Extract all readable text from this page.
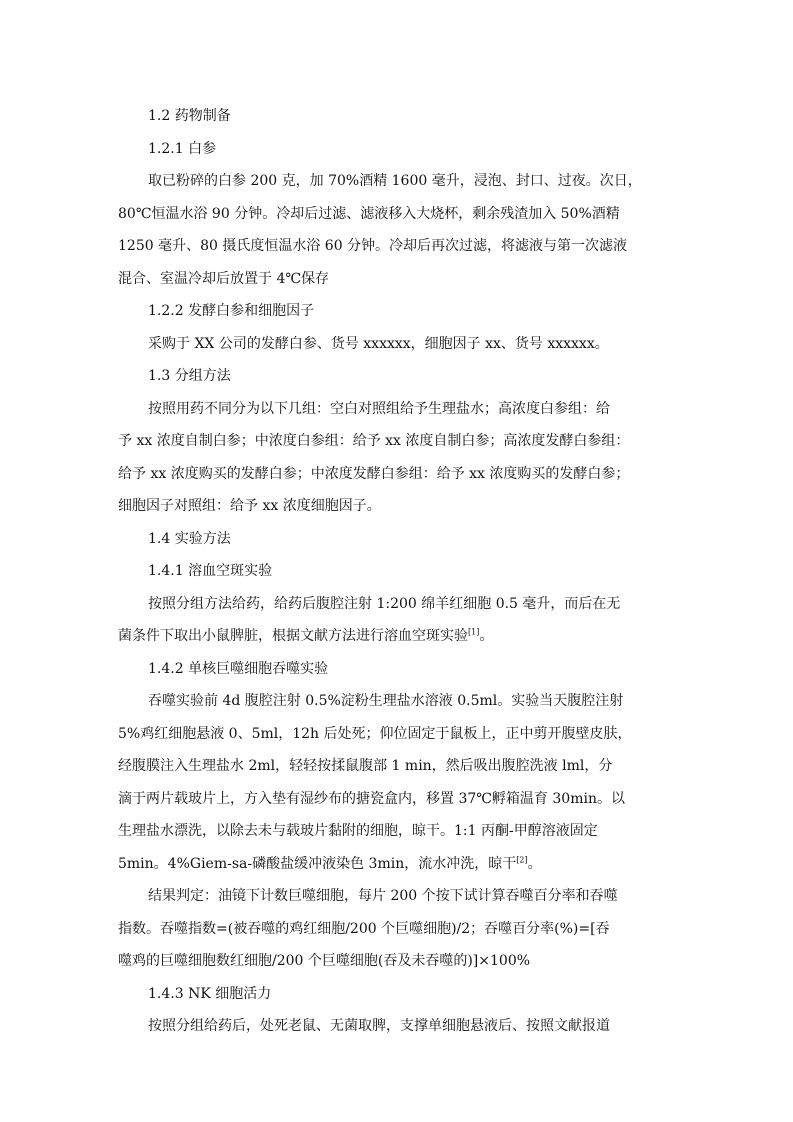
1.2 药物制备
1.2.1 白参
取已粉碎的白参 200 克，加 70%酒精 1600 毫升，浸泡、封口、过夜。次日，
80℃恒温水浴 90 分钟。冷却后过滤、滤液移入大烧杯，剩余残渣加入 50%酒精
1250 毫升、80 摄氏度恒温水浴 60 分钟。冷却后再次过滤，将滤液与第一次滤液
混合、室温冷却后放置于 4℃保存
1.2.2 发酵白参和细胞因子
采购于 XX 公司的发酵白参、货号 xxxxxx，细胞因子 xx、货号 xxxxxx。
1.3 分组方法
按照用药不同分为以下几组：空白对照组给予生理盐水；高浓度白参组：给
予 xx 浓度自制白参；中浓度白参组：给予 xx 浓度自制白参；高浓度发酵白参组：
给予 xx 浓度购买的发酵白参；中浓度发酵白参组：给予 xx 浓度购买的发酵白参；
细胞因子对照组：给予 xx 浓度细胞因子。
1.4 实验方法
1.4.1 溶血空斑实验
按照分组方法给药，给药后腹腔注射 1:200 绵羊红细胞 0.5 毫升，而后在无
菌条件下取出小鼠脾脏，根据文献方法进行溶血空斑实验[1]。
1.4.2 单核巨噬细胞吞噬实验
吞噬实验前 4d 腹腔注射 0.5%淀粉生理盐水溶液 0.5ml。实验当天腹腔注射
5%鸡红细胞悬液 0、5ml，12h 后处死；仰位固定于鼠板上，正中剪开腹壁皮肤，
经腹膜注入生理盐水 2ml，轻轻按揉鼠腹部 1 min，然后吸出腹腔洗液 lml，分
滴于两片载玻片上，方入垫有湿纱布的搪瓷盒内，移置 37℃孵箱温育 30min。以
生理盐水漂洗，以除去未与载玻片黏附的细胞，晾干。1:1 丙酮-甲醇溶液固定
5min。4%Giem-sa-磷酸盐缓冲液染色 3min，流水冲洗，晾干[2]。
结果判定：油镜下计数巨噬细胞，每片 200 个按下试计算吞噬百分率和吞噬
指数。吞噬指数=(被吞噬的鸡红细胞/200 个巨噬细胞)/2；吞噬百分率(%)=[吞
噬鸡的巨噬细胞数红细胞/200 个巨噬细胞(吞及未吞噬的)]×100%
1.4.3 NK 细胞活力
按照分组给药后，处死老鼠、无菌取脾，支撑单细胞悬液后、按照文献报道
